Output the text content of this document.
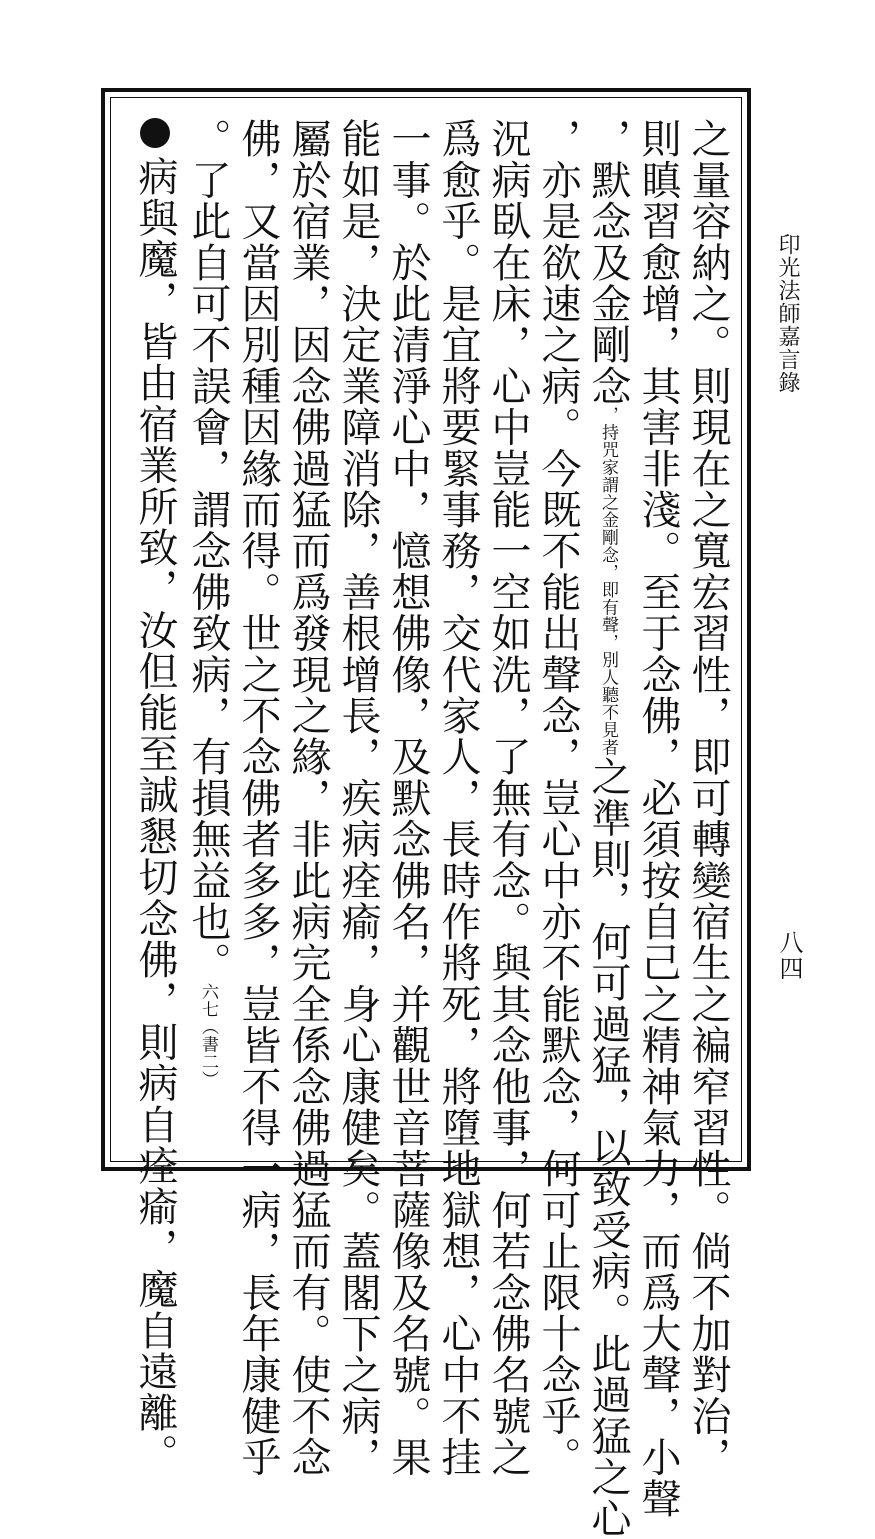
印光法師嘉言錄
八四
之量容納之。則現在之寬宏習性，即可轉變宿生之褊窄習性。倘不加對治，
則瞋習愈增，其害非淺。至于念佛，必須按自己之精神氣力，而爲大聲，小聲
，默念及金剛念
即有聲，別人聽不見者
，持咒家謂之金剛念，
之準則，何可過猛，以致受病。此過猛之心
，亦是欲速之病。今既不能出聲念，豈心中亦不能默念，何可止限十念乎。
況病臥在床，心中豈能一空如洗，了無有念。與其念他事，何若念佛名號之
爲愈乎。是宜將要緊事務，交代家人，長時作將死，將墮地獄想，心中不挂
一事。於此清淨心中，憶想佛像，及默念佛名，并觀世音菩薩像及名號。果
能如是，決定業障消除，善根增長，疾病痊瘉，身心康健矣。蓋閣下之病，
屬於宿業，因念佛過猛而爲發現之緣，非此病完全係念佛過猛而有。使不念
佛，又當因別種因緣而得。世之不念佛者多多，豈皆不得一病，長年康健乎
。了此自可不誤會，謂念佛致病，有損無益也。
（書二）
六七
病與魔，皆由宿業所致，汝但能至誠懇切念佛，則病自痊瘉，魔自遠離。
